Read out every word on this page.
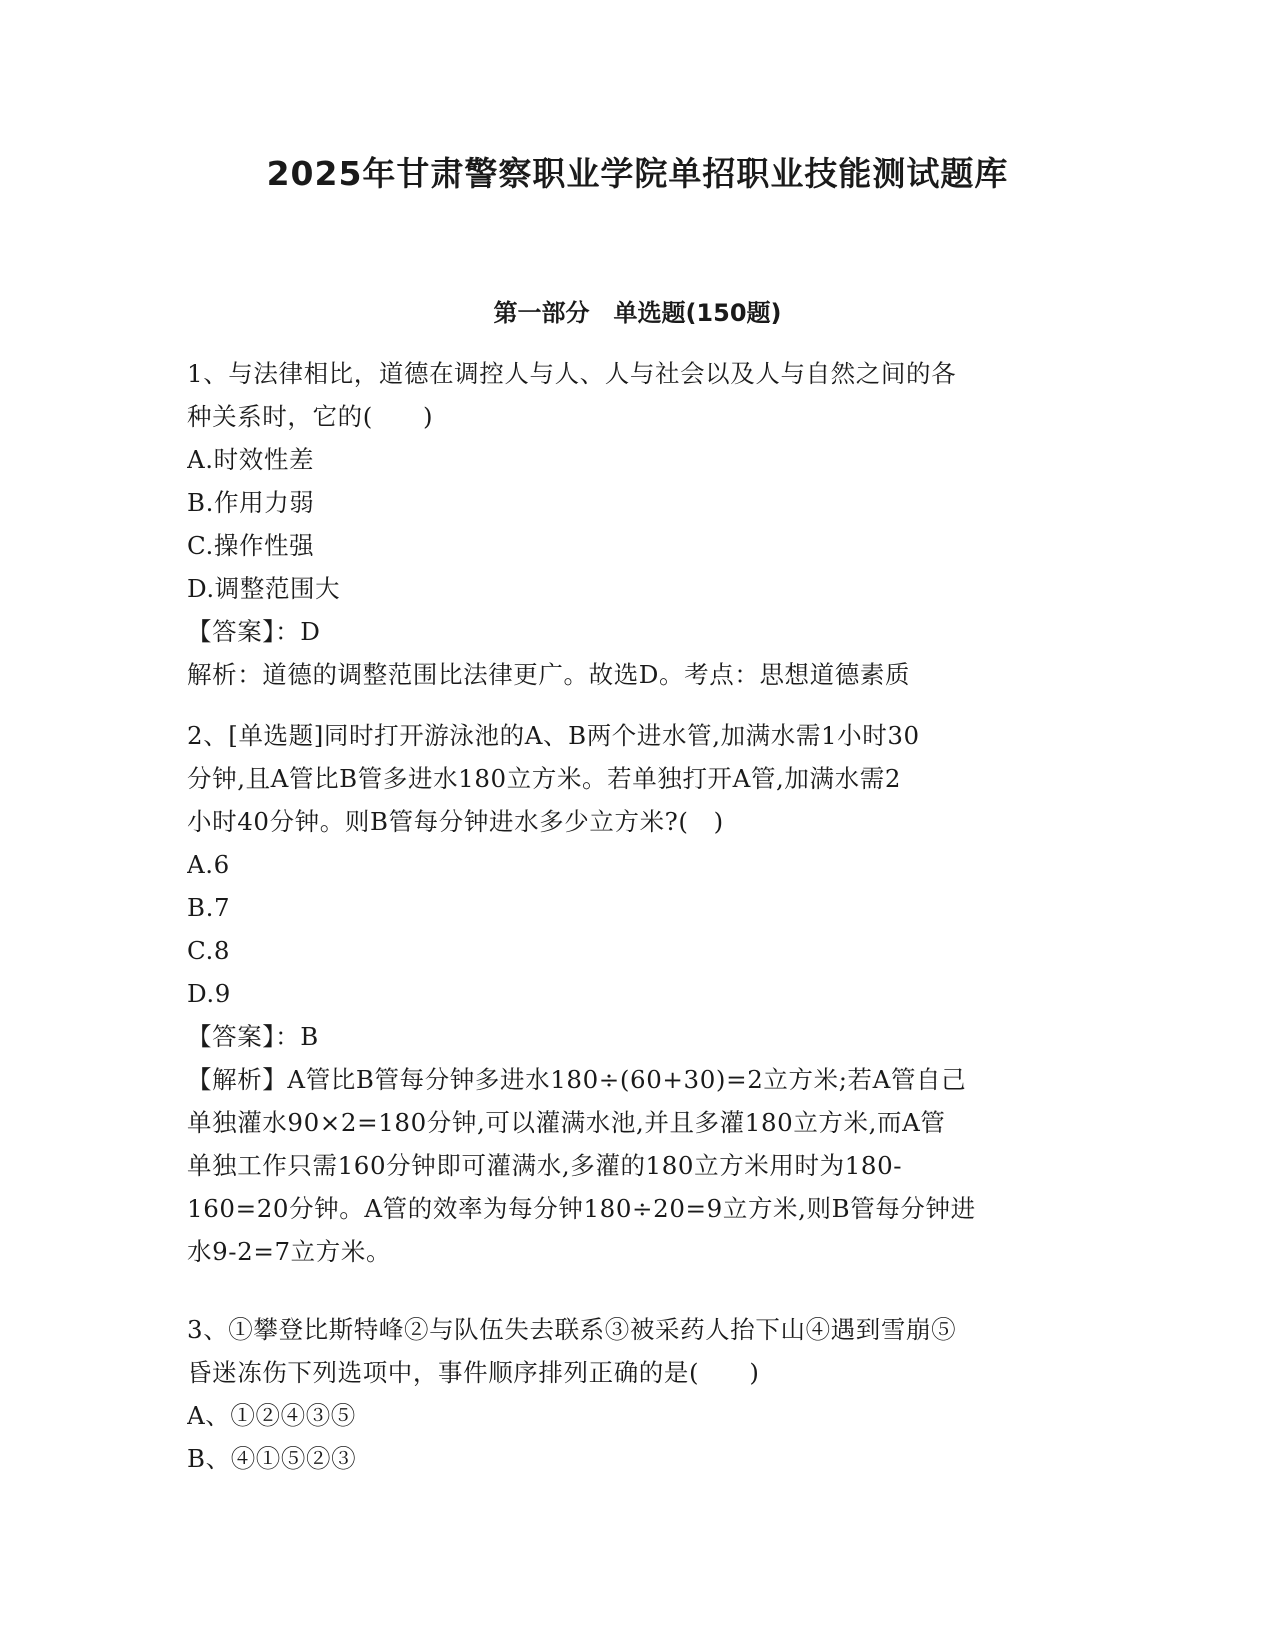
2025年甘肃警察职业学院单招职业技能测试题库
第一部分　单选题(150题)
1、与法律相比，道德在调控人与人、人与社会以及人与自然之间的各
种关系时，它的(　　)
A.时效性差
B.作用力弱
C.操作性强
D.调整范围大
【答案】：D
解析：道德的调整范围比法律更广。故选D。考点：思想道德素质
2、[单选题]同时打开游泳池的A、B两个进水管,加满水需1小时30
分钟,且A管比B管多进水180立方米。若单独打开A管,加满水需2
小时40分钟。则B管每分钟进水多少立方米?(　)
A.6
B.7
C.8
D.9
【答案】：B
【解析】A管比B管每分钟多进水180÷(60+30)=2立方米;若A管自己
单独灌水90×2=180分钟,可以灌满水池,并且多灌180立方米,而A管
单独工作只需160分钟即可灌满水,多灌的180立方米用时为180-
160=20分钟。A管的效率为每分钟180÷20=9立方米,则B管每分钟进
水9-2=7立方米。
3、①攀登比斯特峰②与队伍失去联系③被采药人抬下山④遇到雪崩⑤
昏迷冻伤下列选项中，事件顺序排列正确的是(　　)
A、①②④③⑤
B、④①⑤②③
